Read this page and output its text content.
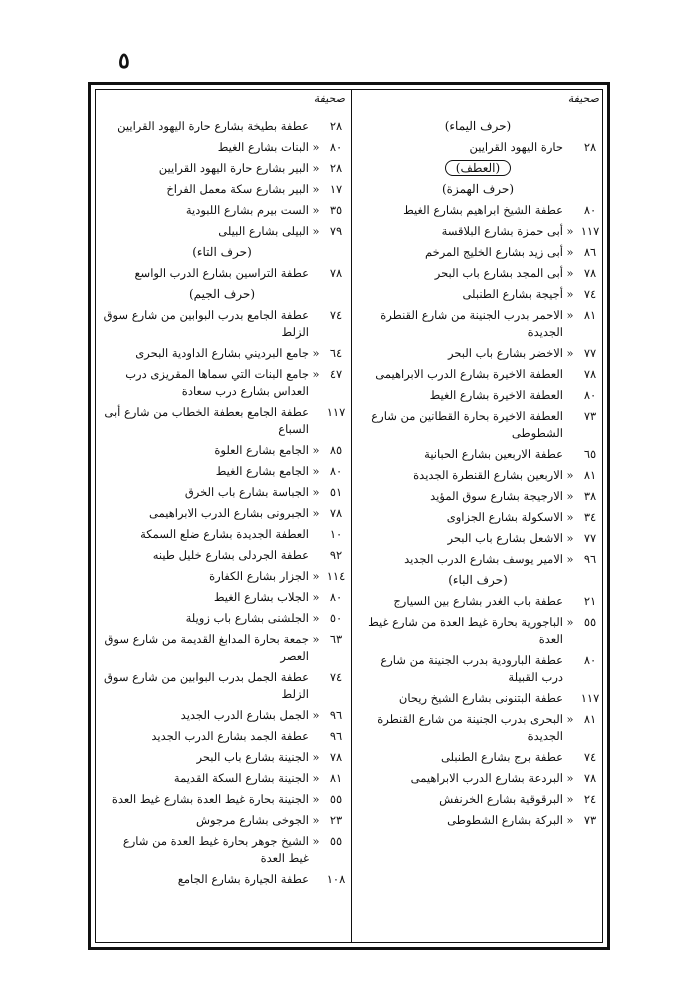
٥
صحيفة
(حرف اليماء)
٢٨
حارة اليهود القرايين
(العطف)
(حرف الهمزة)
٨٠
عطفة الشيخ ابراهيم بشارع الغيط
١١٧
«
أبى حمزة بشارع البلاقسة
٨٦
«
أبى زيد بشارع الخليج المرخم
٧٨
«
أبى المجد بشارع باب البحر
٧٤
«
أجيجة بشارع الطنبلى
٨١
«
الاحمر بدرب الجنينة من شارع القنطرة الجديدة
٧٧
«
الاخضر بشارع باب البحر
٧٨
العطفة الاخيرة بشارع الدرب الابراهيمى
٨٠
العطفة الاخيرة بشارع الغيط
٧٣
العطفة الاخيرة بحارة القطانين من شارع الشطوطى
٦٥
عطفة الاربعين بشارع الحبانية
٨١
«
الاربعين بشارع القنطرة الجديدة
٣٨
«
الارجيجة بشارع سوق المؤيد
٣٤
«
الاسكولة بشارع الجزاوى
٧٧
«
الاشعل بشارع باب البحر
٩٦
«
الامير يوسف بشارع الدرب الجديد
(حرف الباء)
٢١
عطفة باب الغدر بشارع بين السيارج
٥٥
«
الباجورية بحارة غيط العدة من شارع غيط العدة
٨٠
عطفة البارودية بدرب الجنينة من شارع درب القبيلة
١١٧
عطفة البتنونى بشارع الشيخ ريحان
٨١
«
البحرى بدرب الجنينة من شارع القنطرة الجديدة
٧٤
عطفة برج بشارع الطنبلى
٧٨
«
البردعة بشارع الدرب الابراهيمى
٢٤
«
البرقوقية بشارع الخرنفش
٧٣
«
البركة بشارع الشطوطى
صحيفة
٢٨
عطفة بطيخة بشارع حارة اليهود القرايين
٨٠
«
البنات بشارع الغيط
٢٨
«
البير بشارع حارة اليهود القرايين
١٧
«
البير بشارع سكة معمل الفراخ
٣٥
«
الست بيرم بشارع اللبودية
٧٩
«
البيلى بشارع البيلى
(حرف التاء)
٧٨
عطفة التراسين بشارع الدرب الواسع
(حرف الجيم)
٧٤
عطفة الجامع بدرب البوابين من شارع سوق الزلط
٦٤
«
جامع البرديني بشارع الداودية البحرى
٤٧
«
جامع البنات التي سماها المقريزى درب العداس بشارع درب سعادة
١١٧
عطفة الجامع بعطفة الخطاب من شارع أبى السباع
٨٥
«
الجامع بشارع العلوة
٨٠
«
الجامع بشارع الغيط
٥١
«
الجباسة بشارع باب الخرق
٧٨
«
الجبرونى بشارع الدرب الابراهيمى
١٠
العطفة الجديدة بشارع ضلع السمكة
٩٢
عطفة الجردلى بشارع خليل طينه
١١٤
«
الجزار بشارع الكفارة
٨٠
«
الجلاب بشارع الغيط
٥٠
«
الجلشنى بشارع باب زويلة
٦٣
«
جمعة بحارة المدابغ القديمة من شارع سوق العصر
٧٤
عطفة الجمل بدرب البوابين من شارع سوق الزلط
٩٦
«
الجمل بشارع الدرب الجديد
٩٦
عطفة الجمد بشارع الدرب الجديد
٧٨
«
الجنينة بشارع باب البحر
٨١
«
الجنينة بشارع السكة القديمة
٥٥
«
الجنينة بحارة غيط العدة بشارع غيط العدة
٢٣
«
الجوخى بشارع مرجوش
٥٥
«
الشيخ جوهر بحارة غيط العدة من شارع غيط العدة
١٠٨
عطفة الجيارة بشارع الجامع
